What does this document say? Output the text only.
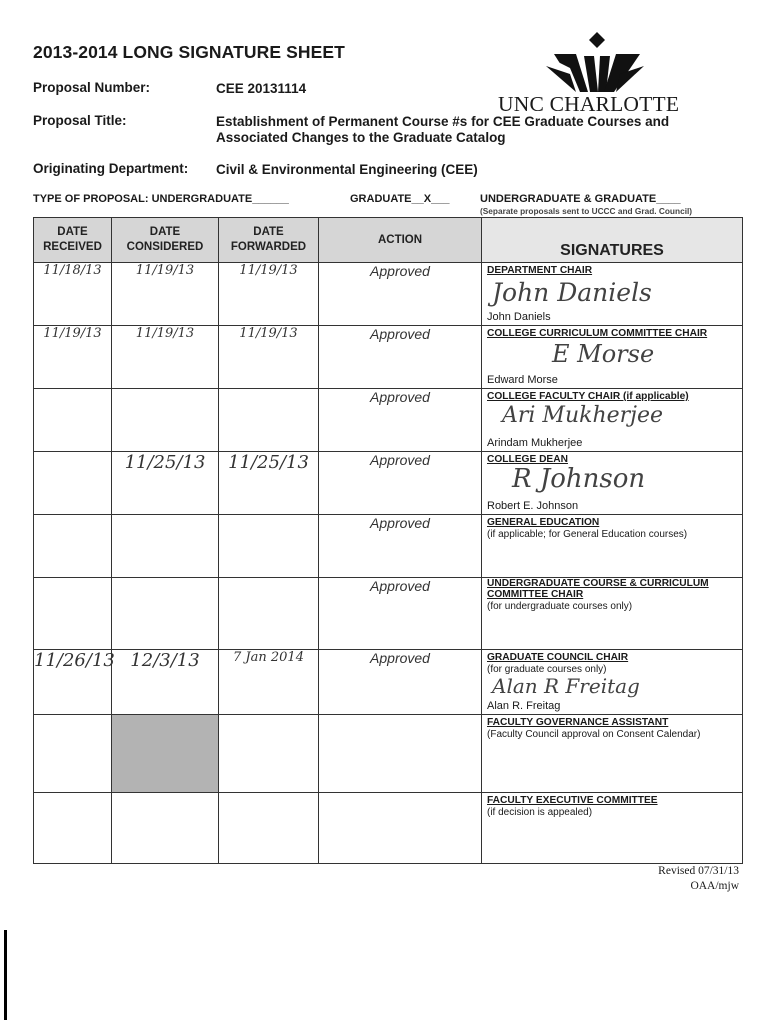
2013-2014 LONG SIGNATURE SHEET
Proposal Number:	CEE 20131114
Proposal Title:	Establishment of Permanent Course #s for CEE Graduate Courses and
Associated Changes to the Graduate Catalog
Originating Department: Civil & Environmental Engineering (CEE)
UNC CHARLOTTE
TYPE OF PROPOSAL: UNDERGRADUATE______	GRADUATE__X___	UNDERGRADUATE & GRADUATE____
(Separate proposals sent to UCCC and Grad. Council)
DATE RECEIVED	DATE CONSIDERED	DATE FORWARDED	ACTION	SIGNATURES
11/18/13	11/19/13	11/19/13	Approved	DEPARTMENT CHAIR
John Daniels
John Daniels

11/19/13	11/19/13	11/19/13	Approved	COLLEGE CURRICULUM COMMITTEE CHAIR
E Morse
Edward Morse

			Approved	COLLEGE FACULTY CHAIR (if applicable)
Ari Mukherjee
Arindam Mukherjee

	11/25/13	11/25/13	Approved	COLLEGE DEAN
R Johnson
Robert E. Johnson

			Approved	GENERAL EDUCATION
(if applicable; for General Education courses)

			Approved	UNDERGRADUATE COURSE & CURRICULUM COMMITTEE CHAIR
(for undergraduate courses only)

11/26/13	12/3/13	7 Jan 2014	Approved	GRADUATE COUNCIL CHAIR
(for graduate courses only)
Alan R Freitag
Alan R. Freitag

				FACULTY GOVERNANCE ASSISTANT
(Faculty Council approval on Consent Calendar)

				FACULTY EXECUTIVE COMMITTEE
(if decision is appealed)
Revised 07/31/13
OAA/mjw
